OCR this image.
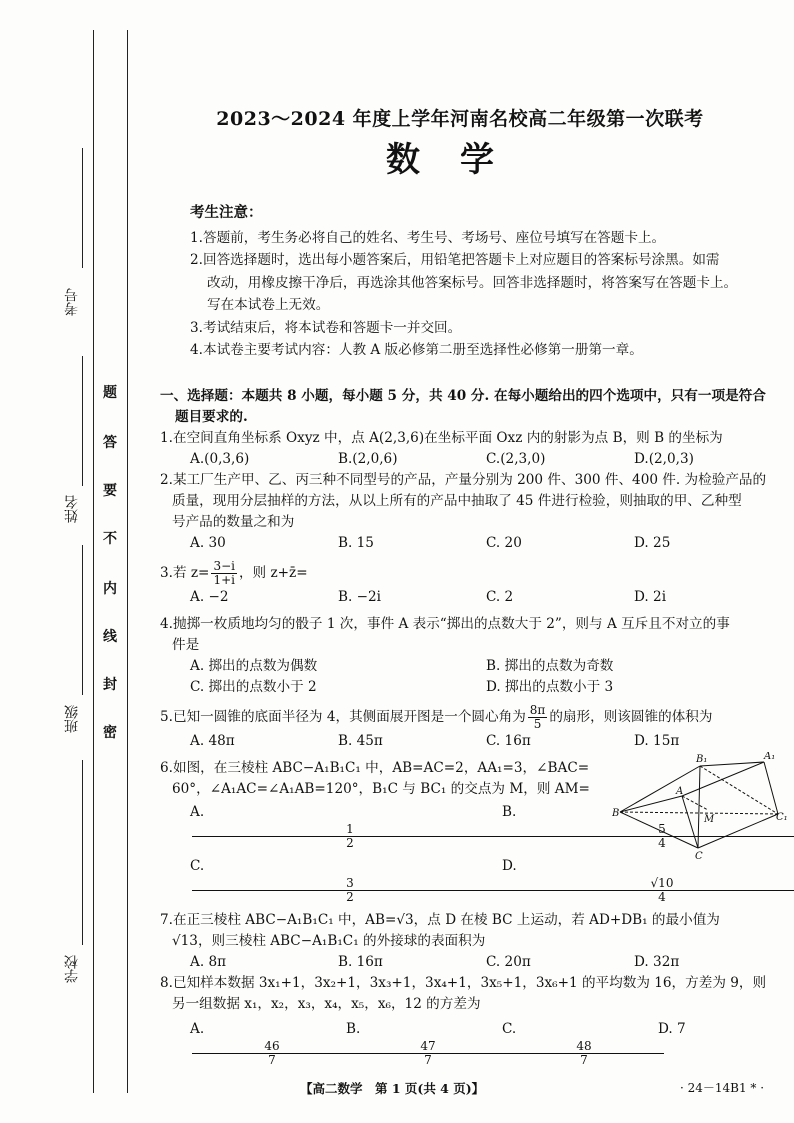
考号
姓名
班级
学校
题
答
要
不
内
线
封
密
2023～2024 年度上学年河南名校高二年级第一次联考
数学
考生注意：
1.答题前，考生务必将自己的姓名、考生号、考场号、座位号填写在答题卡上。
2.回答选择题时，选出每小题答案后，用铅笔把答题卡上对应题目的答案标号涂黑。如需
改动，用橡皮擦干净后，再选涂其他答案标号。回答非选择题时，将答案写在答题卡上。
写在本试卷上无效。
3.考试结束后，将本试卷和答题卡一并交回。
4.本试卷主要考试内容：人教 A 版必修第二册至选择性必修第一册第一章。
一、选择题：本题共 8 小题，每小题 5 分，共 40 分. 在每小题给出的四个选项中，只有一项是符合
题目要求的.
1.在空间直角坐标系 Oxyz 中，点 A(2,3,6)在坐标平面 Oxz 内的射影为点 B，则 B 的坐标为
A.(0,3,6)	B.(2,0,6)	C.(2,3,0)	D.(2,0,3)
2.某工厂生产甲、乙、丙三种不同型号的产品，产量分别为 200 件、300 件、400 件. 为检验产品的
质量，现用分层抽样的方法，从以上所有的产品中抽取了 45 件进行检验，则抽取的甲、乙种型
号产品的数量之和为
A. 30	B. 15	C. 20	D. 25
3.若 $z= \frac{3-i}{1+i}$ ，则 z+z̄=
A. −2	B. −2i	C. 2	D. 2i
4.抛掷一枚质地均匀的骰子 1 次，事件 A 表示“掷出的点数大于 2”，则与 A 互斥且不对立的事
件是
A. 掷出的点数为偶数	B. 掷出的点数为奇数
C. 掷出的点数小于 2	D. 掷出的点数小于 3
5.已知一圆锥的底面半径为 4，其侧面展开图是一个圆心角为 $\frac{8\pi}{5}$ 的扇形，则该圆锥的体积为
A. 48π	B. 45π	C. 16π	D. 15π
6.如图，在三棱柱 ABC−A₁B₁C₁ 中，AB=AC=2，AA₁=3，∠BAC=
60°，∠A₁AC=∠A₁AB=120°，B₁C 与 BC₁ 的交点为 M，则 AM=
A.
$\frac{1}{2}$
B.
$\frac{5}{4}$
C.
$\frac{3}{2}$
D.
$\frac{√10}{4}$
7.在正三棱柱 ABC−A₁B₁C₁ 中，AB=√3，点 D 在棱 BC 上运动，若 AD+DB₁ 的最小值为
√13，则三棱柱 ABC−A₁B₁C₁ 的外接球的表面积为
A. 8π	B. 16π	C. 20π	D. 32π
8.已知样本数据 3x₁+1，3x₂+1，3x₃+1，3x₄+1，3x₅+1，3x₆+1 的平均数为 16，方差为 9，则
另一组数据 x₁，x₂，x₃，x₄，x₅，x₆，12 的方差为
A.
$\frac{46}{7}$
B.
$\frac{47}{7}$
C.
$\frac{48}{7}$
D. 7
B₁	A₁
A
B
M	C₁
C
【高二数学　第 1 页(共 4 页)】	· 24－14B1 * ·
